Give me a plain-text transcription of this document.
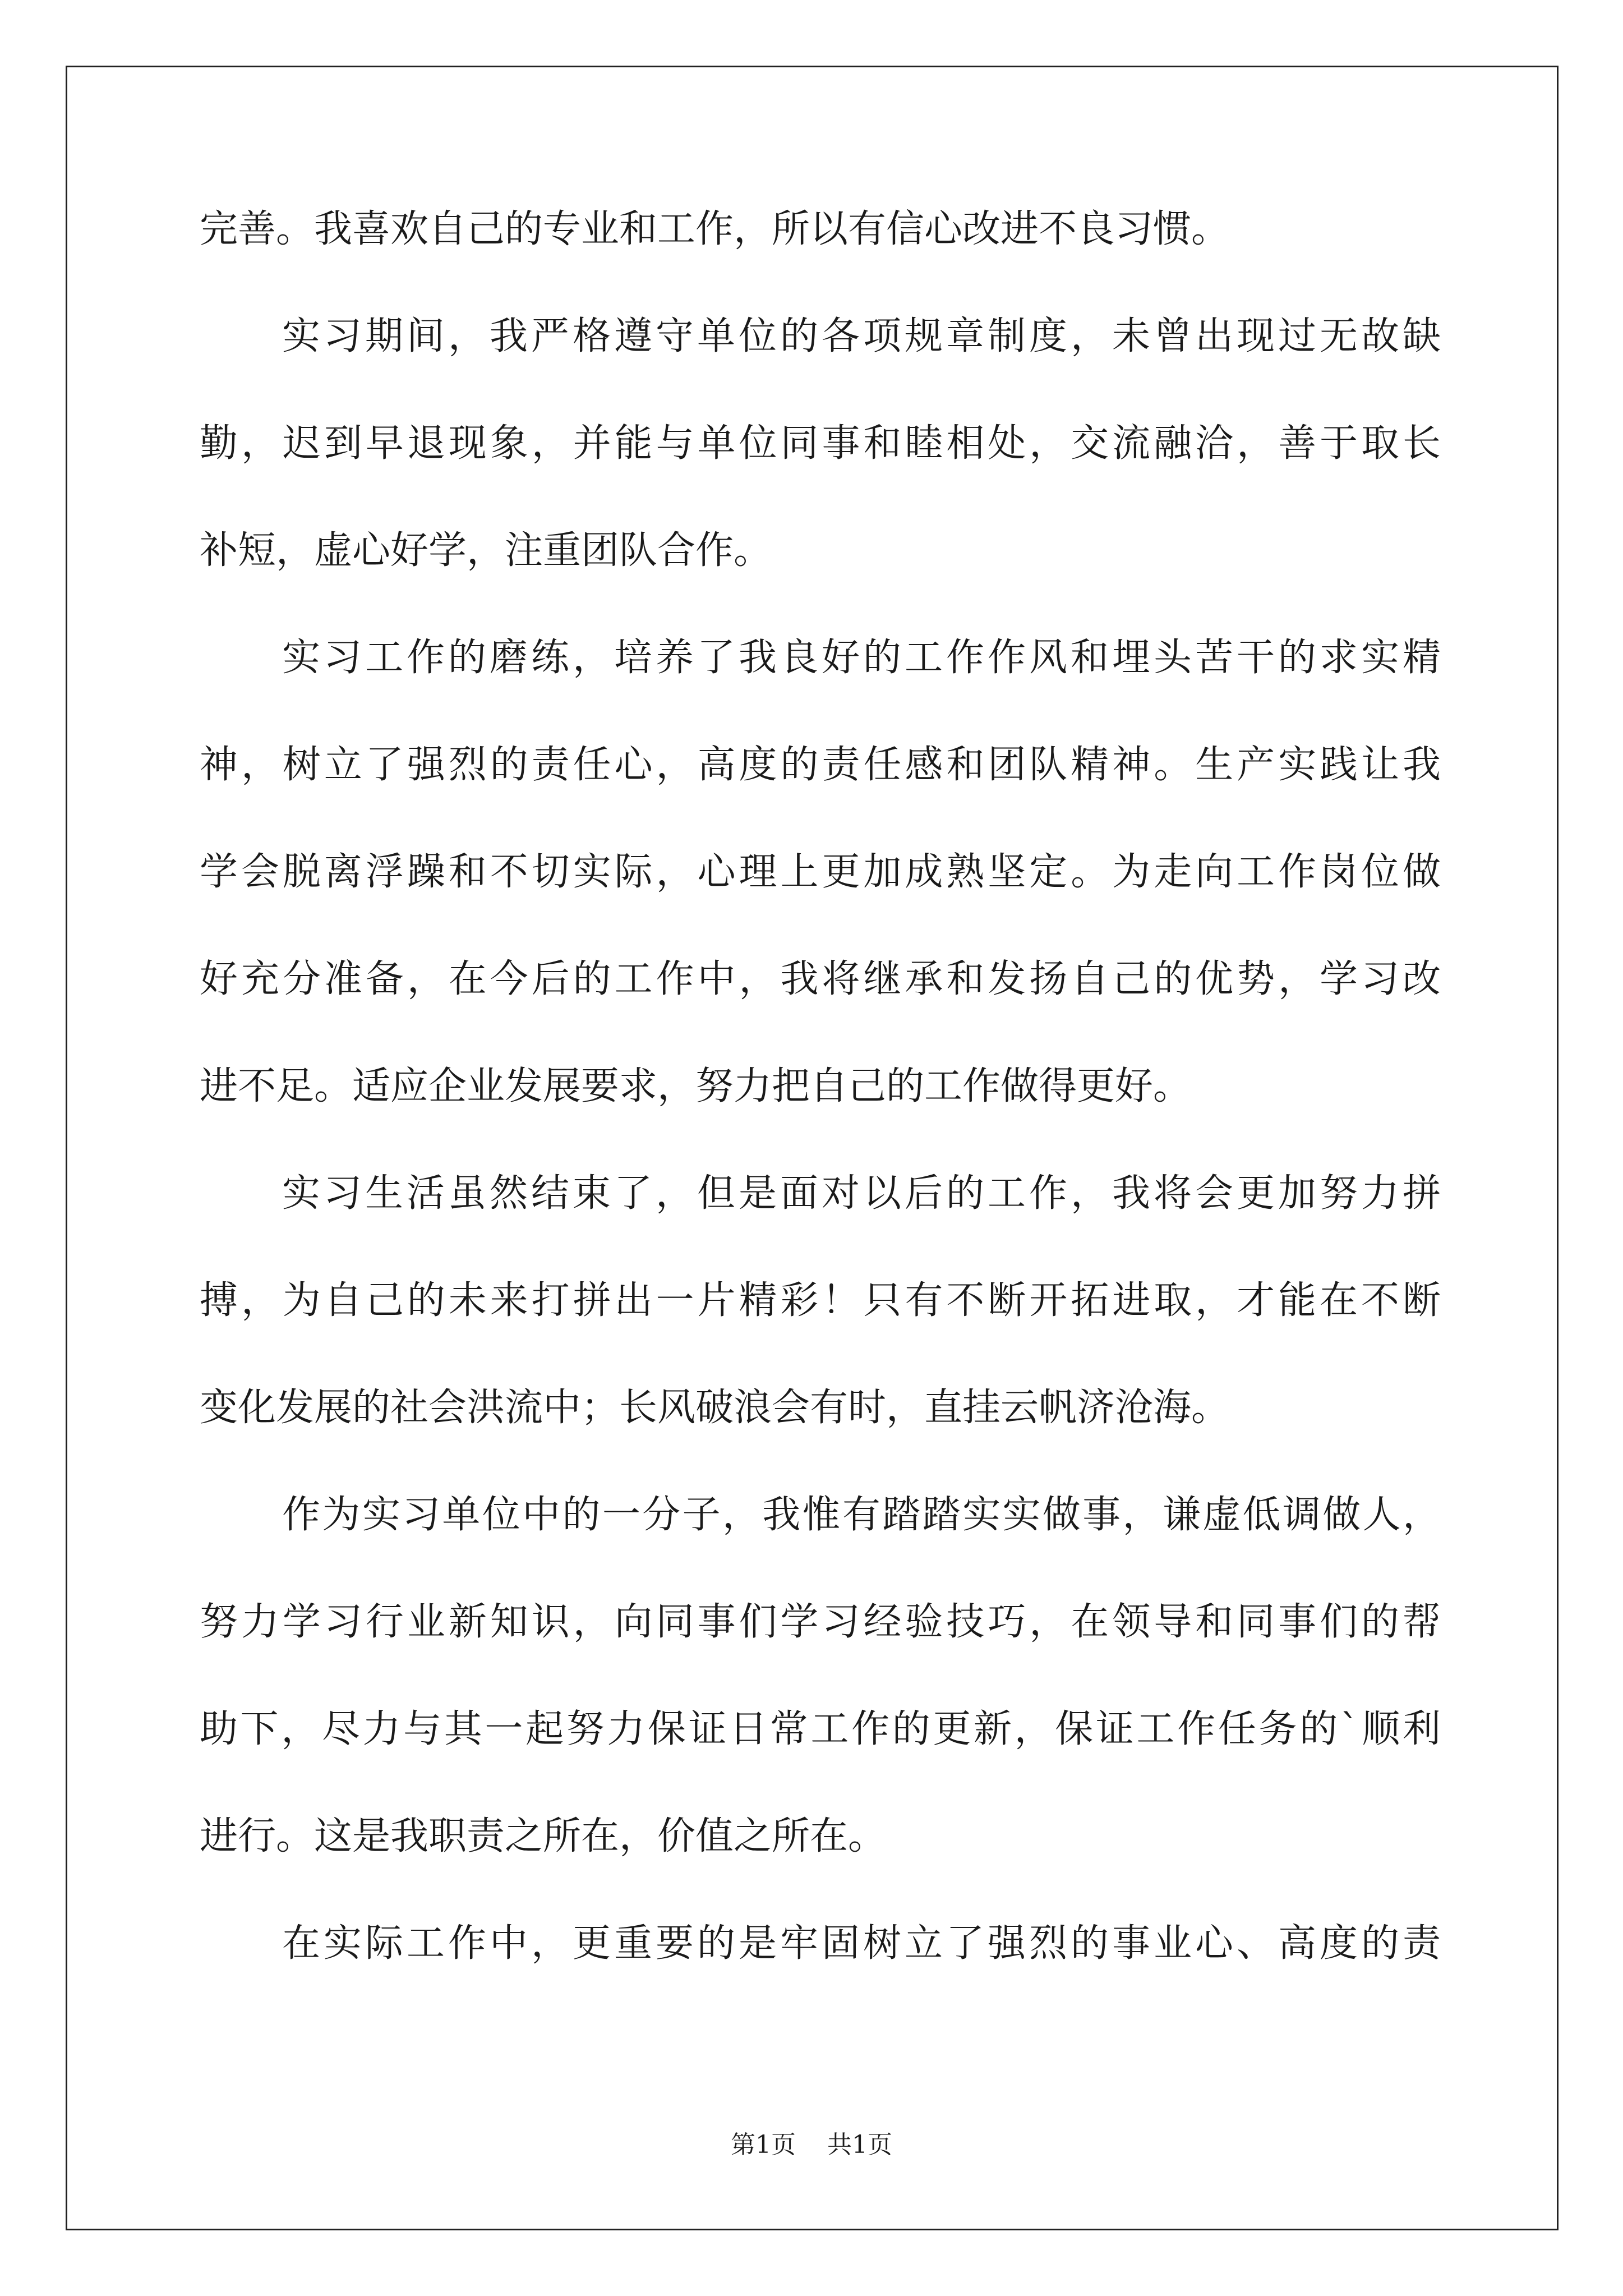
完善。我喜欢自己的专业和工作，所以有信心改进不良习惯。
实习期间，我严格遵守单位的各项规章制度，未曾出现过无故缺
勤，迟到早退现象，并能与单位同事和睦相处，交流融洽，善于取长
补短，虚心好学，注重团队合作。
实习工作的磨练，培养了我良好的工作作风和埋头苦干的求实精
神，树立了强烈的责任心，高度的责任感和团队精神。生产实践让我
学会脱离浮躁和不切实际，心理上更加成熟坚定。为走向工作岗位做
好充分准备，在今后的工作中，我将继承和发扬自己的优势，学习改
进不足。适应企业发展要求，努力把自己的工作做得更好。
实习生活虽然结束了，但是面对以后的工作，我将会更加努力拼
搏，为自己的未来打拼出一片精彩！只有不断开拓进取，才能在不断
变化发展的社会洪流中；长风破浪会有时，直挂云帆济沧海。
作为实习单位中的一分子，我惟有踏踏实实做事，谦虚低调做人，
努力学习行业新知识，向同事们学习经验技巧，在领导和同事们的帮
助下，尽力与其一起努力保证日常工作的更新，保证工作任务的`顺利
进行。这是我职责之所在，价值之所在。
在实际工作中，更重要的是牢固树立了强烈的事业心、高度的责
第1页 共1页
